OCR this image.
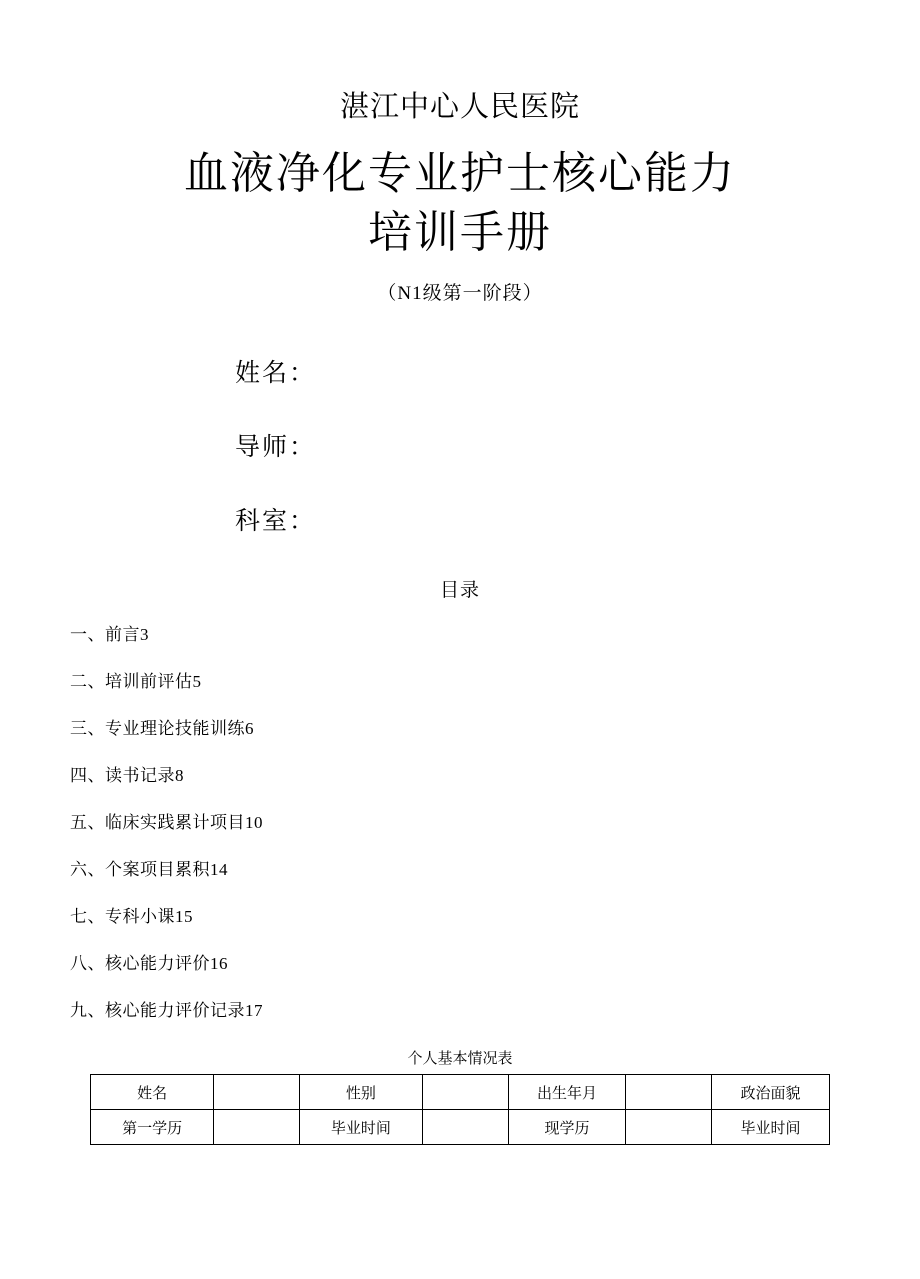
湛江中心人民医院
血液净化专业护士核心能力
培训手册
（N1级第一阶段）
姓名：
导师：
科室：
目录
一、前言3
二、培训前评估5
三、专业理论技能训练6
四、读书记录8
五、临床实践累计项目10
六、个案项目累积14
七、专科小课15
八、核心能力评价16
九、核心能力评价记录17
个人基本情况表
姓名		性别		出生年月		政治面貌
第一学历		毕业时间		现学历		毕业时间
